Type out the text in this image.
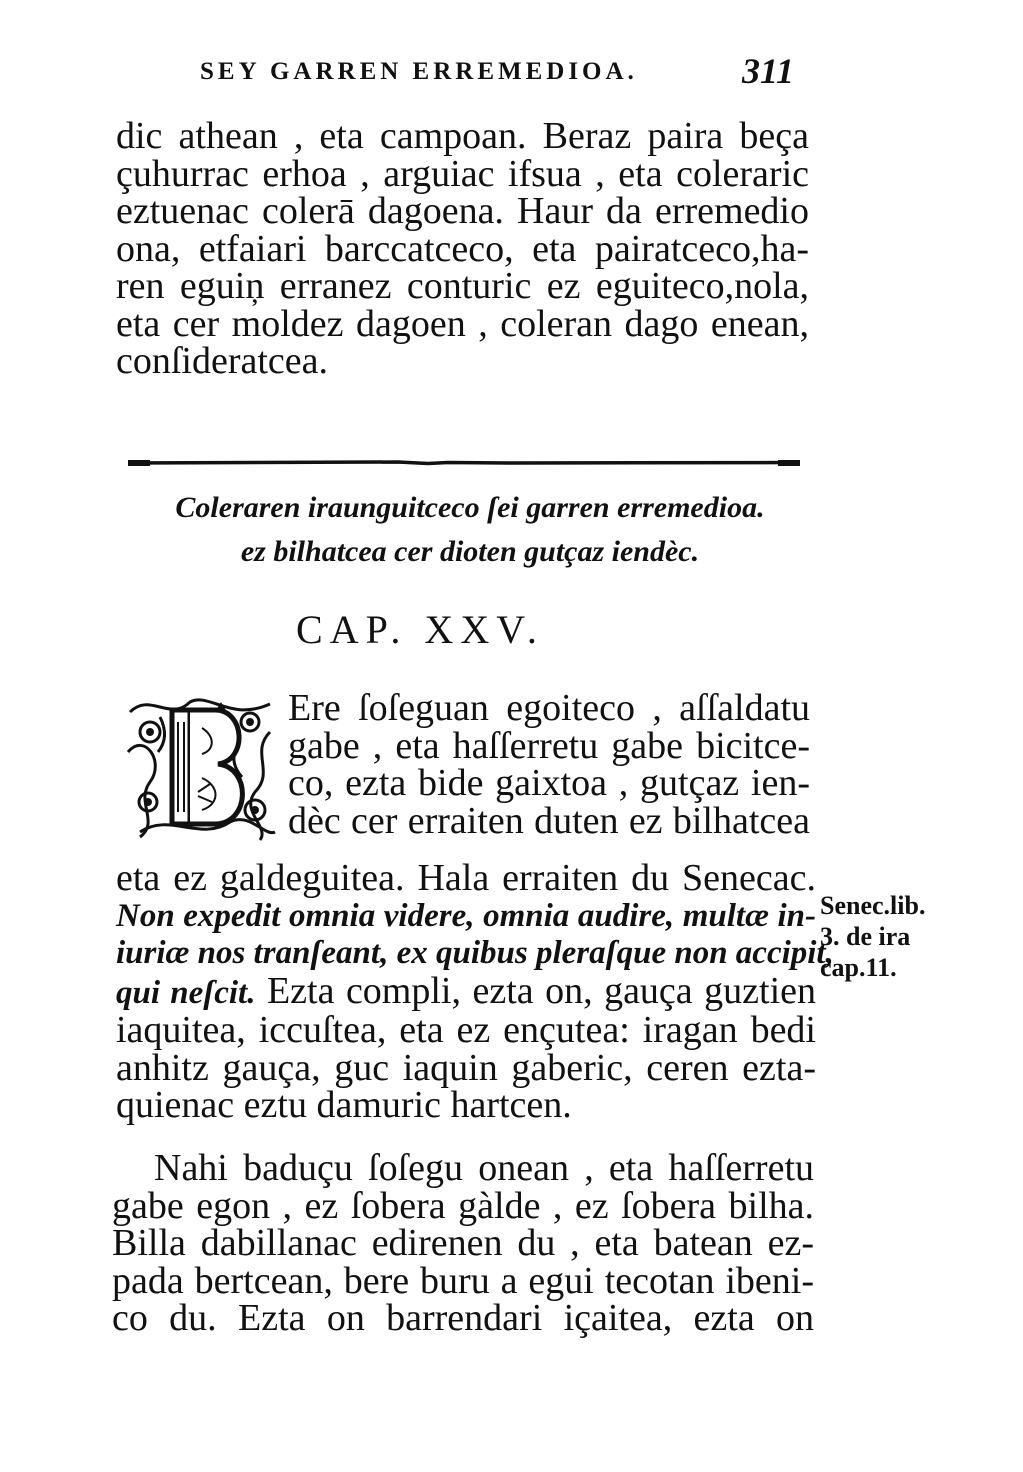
SEY GARREN ERREMEDIOA.	311
dic athean , eta campoan. Beraz paira beça
çuhurrac erhoa , arguiac ifsua , eta coleraric
eztuenac colerā dagoena. Haur da erremedio
ona, etfaiari barccatceco, eta pairatceco,ha-
ren eguiņ erranez conturic ez eguiteco,nola,
eta cer moldez dagoen , coleran dago enean,
conſideratcea.
Coleraren iraunguitceco ſei garren erremedioa.
ez bilhatcea cer dioten gutçaz iendèc.
CAP. XXV.
Ere ſoſeguan egoiteco , aſſaldatu
gabe , eta haſſerretu gabe bicitce-
co, ezta bide gaixtoa , gutçaz ien-
dèc cer erraiten duten ez bilhatcea
eta ez galdeguitea. Hala erraiten du Senecac.
Non expedit omnia videre, omnia audire, multæ in-
iuriæ nos tranſeant, ex quibus pleraſque non accipit,
qui neſcit. Ezta compli, ezta on, gauça guztien
iaquitea, iccuſtea, eta ez ençutea: iragan bedi
anhitz gauça, guc iaquin gaberic, ceren ezta-
quienac eztu damuric hartcen.
Nahi baduçu ſoſegu onean , eta haſſerretu
gabe egon , ez ſobera gàlde , ez ſobera bilha.
Billa dabillanac edirenen du , eta batean ez-
pada bertcean, bere buru a egui tecotan ibeni-
co du. Ezta on barrendari içaitea, ezta on
Senec.lib.
3. de ira
cap.11.
